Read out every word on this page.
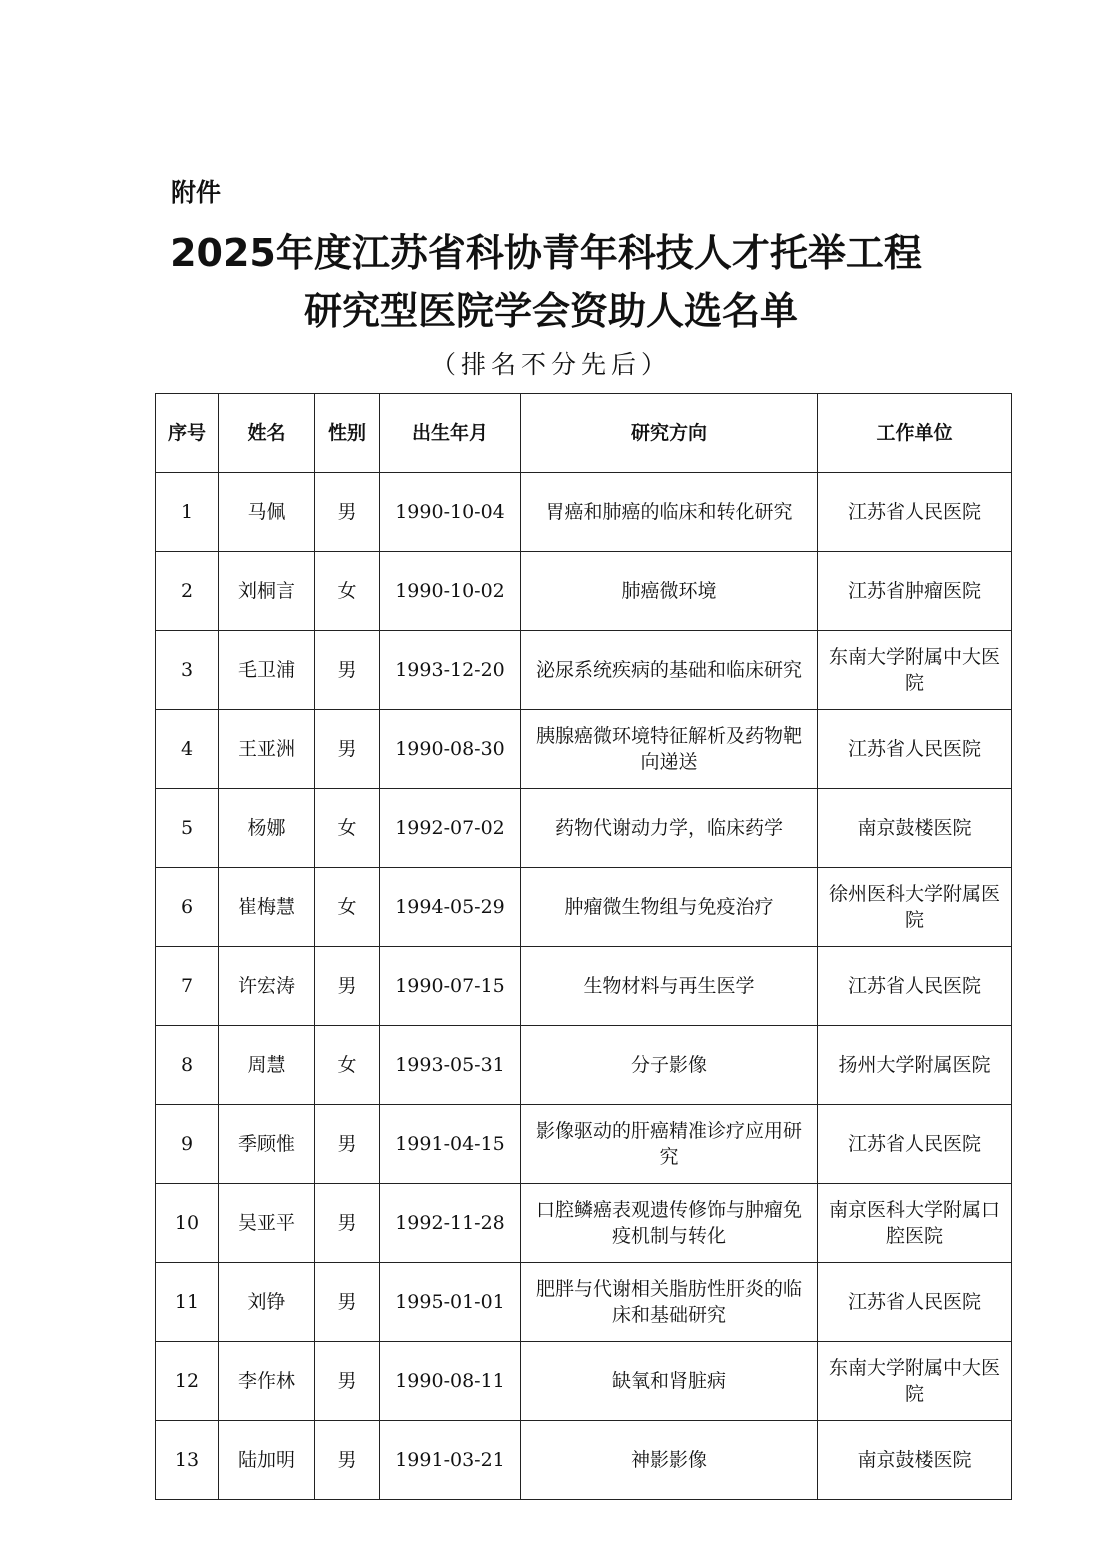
附件
2025年度江苏省科协青年科技人才托举工程
研究型医院学会资助人选名单
（排名不分先后）
序号	姓名	性别	出生年月	研究方向	工作单位
1	马佩	男	1990-10-04	胃癌和肺癌的临床和转化研究	江苏省人民医院
2	刘桐言	女	1990-10-02	肺癌微环境	江苏省肿瘤医院
3	毛卫浦	男	1993-12-20	泌尿系统疾病的基础和临床研究	东南大学附属中大医院
4	王亚洲	男	1990-08-30	胰腺癌微环境特征解析及药物靶向递送	江苏省人民医院
5	杨娜	女	1992-07-02	药物代谢动力学，临床药学	南京鼓楼医院
6	崔梅慧	女	1994-05-29	肿瘤微生物组与免疫治疗	徐州医科大学附属医院
7	许宏涛	男	1990-07-15	生物材料与再生医学	江苏省人民医院
8	周慧	女	1993-05-31	分子影像	扬州大学附属医院
9	季顾惟	男	1991-04-15	影像驱动的肝癌精准诊疗应用研究	江苏省人民医院
10	吴亚平	男	1992-11-28	口腔鳞癌表观遗传修饰与肿瘤免疫机制与转化	南京医科大学附属口腔医院
11	刘铮	男	1995-01-01	肥胖与代谢相关脂肪性肝炎的临床和基础研究	江苏省人民医院
12	李作林	男	1990-08-11	缺氧和肾脏病	东南大学附属中大医院
13	陆加明	男	1991-03-21	神影影像	南京鼓楼医院
